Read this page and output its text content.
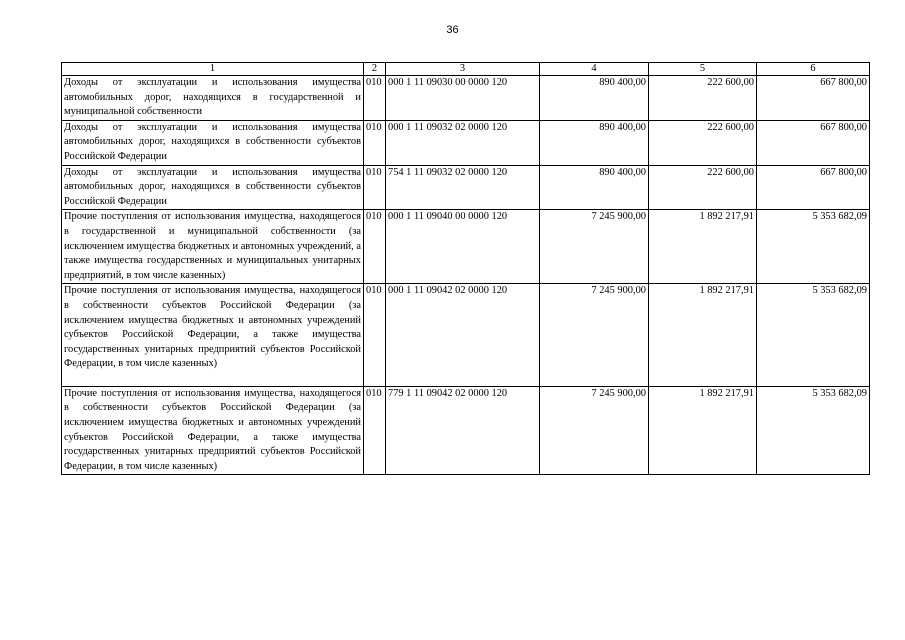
36
1	2	3	4	5	6
Доходы от эксплуатации и использования имущества автомобильных дорог, находящихся в государственной и муниципальной собственности	010	000 1 11 09030 00 0000 120	890 400,00	222 600,00	667 800,00
Доходы от эксплуатации и использования имущества автомобильных дорог, находящихся в собственности субъектов Российской Федерации	010	000 1 11 09032 02 0000 120	890 400,00	222 600,00	667 800,00
Доходы от эксплуатации и использования имущества автомобильных дорог, находящихся в собственности субъектов Российской Федерации	010	754 1 11 09032 02 0000 120	890 400,00	222 600,00	667 800,00
Прочие поступления от использования имущества, находящегося в государственной и муниципальной собственности (за исключением имущества бюджетных и автономных учреждений, а также имущества государственных и муниципальных унитарных предприятий, в том числе казенных)	010	000 1 11 09040 00 0000 120	7 245 900,00	1 892 217,91	5 353 682,09
Прочие поступления от использования имущества, находящегося в собственности субъектов Российской Федерации (за исключением имущества бюджетных и автономных учреждений субъектов Российской Федерации, а также имущества государственных унитарных предприятий субъектов Российской Федерации, в том числе казенных)	010	000 1 11 09042 02 0000 120	7 245 900,00	1 892 217,91	5 353 682,09
Прочие поступления от использования имущества, находящегося в собственности субъектов Российской Федерации (за исключением имущества бюджетных и автономных учреждений субъектов Российской Федерации, а также имущества государственных унитарных предприятий субъектов Российской Федерации, в том числе казенных)	010	779 1 11 09042 02 0000 120	7 245 900,00	1 892 217,91	5 353 682,09
